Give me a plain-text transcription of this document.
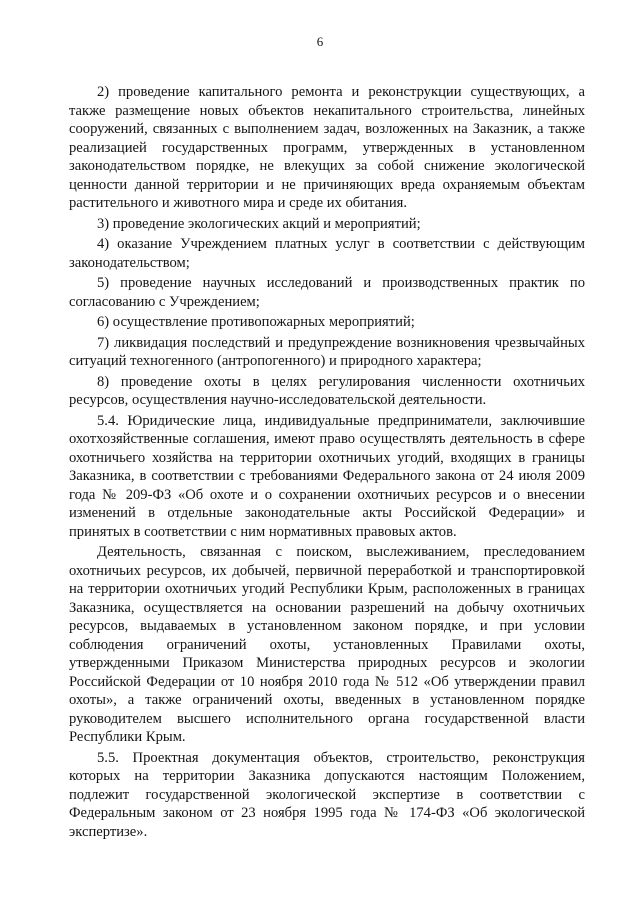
6

2) проведение капитального ремонта и реконструкции существующих, а также размещение новых объектов некапитального строительства, линейных сооружений, связанных с выполнением задач, возложенных на Заказник, а также реализацией государственных программ, утвержденных в установленном законодательством порядке, не влекущих за собой снижение экологической ценности данной территории и не причиняющих вреда охраняемым объектам растительного и животного мира и среде их обитания.

3) проведение экологических акций и мероприятий;

4) оказание Учреждением платных услуг в соответствии с действующим законодательством;

5) проведение научных исследований и производственных практик по согласованию с Учреждением;

6) осуществление противопожарных мероприятий;

7) ликвидация последствий и предупреждение возникновения чрезвычайных ситуаций техногенного (антропогенного) и природного характера;

8) проведение охоты в целях регулирования численности охотничьих ресурсов, осуществления научно-исследовательской деятельности.

5.4. Юридические лица, индивидуальные предприниматели, заключившие охотхозяйственные соглашения, имеют право осуществлять деятельность в сфере охотничьего хозяйства на территории охотничьих угодий, входящих в границы Заказника, в соответствии с требованиями Федерального закона от 24 июля 2009 года № 209-ФЗ «Об охоте и о сохранении охотничьих ресурсов и о внесении изменений в отдельные законодательные акты Российской Федерации» и принятых в соответствии с ним нормативных правовых актов.

Деятельность, связанная с поиском, выслеживанием, преследованием охотничьих ресурсов, их добычей, первичной переработкой и транспортировкой на территории охотничьих угодий Республики Крым, расположенных в границах Заказника, осуществляется на основании разрешений на добычу охотничьих ресурсов, выдаваемых в установленном законом порядке, и при условии соблюдения ограничений охоты, установленных Правилами охоты, утвержденными Приказом Министерства природных ресурсов и экологии Российской Федерации от 10 ноября 2010 года № 512 «Об утверждении правил охоты», а также ограничений охоты, введенных в установленном порядке руководителем высшего исполнительного органа государственной власти Республики Крым.

5.5. Проектная документация объектов, строительство, реконструкция которых на территории Заказника допускаются настоящим Положением, подлежит государственной экологической экспертизе в соответствии с Федеральным законом от 23 ноября 1995 года № 174-ФЗ «Об экологической экспертизе».
